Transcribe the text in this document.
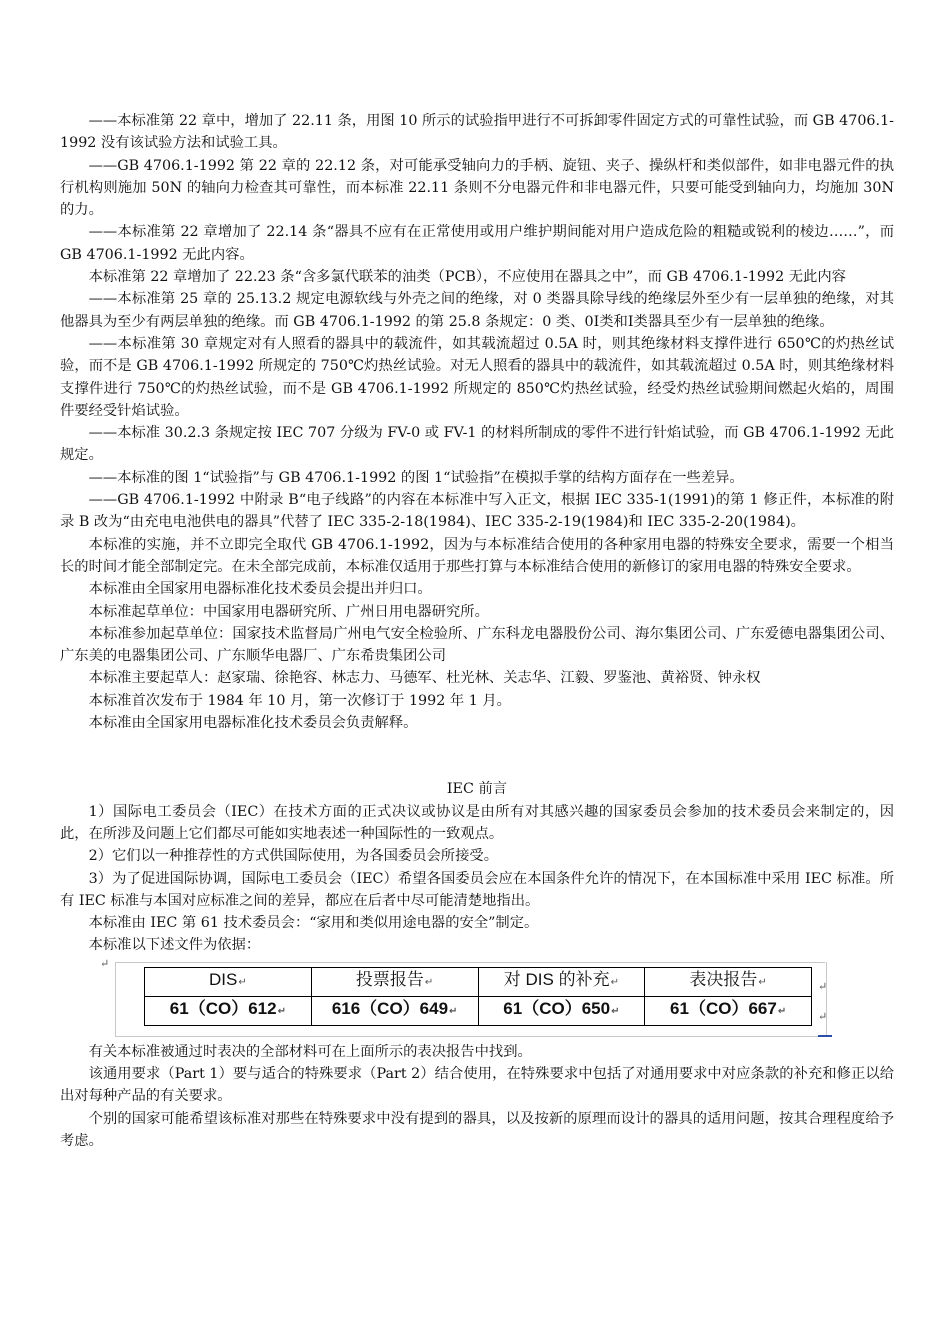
——本标准第 22 章中，增加了 22.11 条，用图 10 所示的试验指甲进行不可拆卸零件固定方式的可靠性试验，而 GB 4706.1-1992 没有该试验方法和试验工具。

——GB 4706.1-1992 第 22 章的 22.12 条，对可能承受轴向力的手柄、旋钮、夹子、操纵杆和类似部件，如非电器元件的执行机构则施加 50N 的轴向力检查其可靠性，而本标准 22.11 条则不分电器元件和非电器元件，只要可能受到轴向力，均施加 30N 的力。

——本标准第 22 章增加了 22.14 条“器具不应有在正常使用或用户维护期间能对用户造成危险的粗糙或锐利的棱边……”，而 GB 4706.1-1992 无此内容。

本标准第 22 章增加了 22.23 条“含多氯代联苯的油类（PCB），不应使用在器具之中”，而 GB 4706.1-1992 无此内容

——本标准第 25 章的 25.13.2 规定电源软线与外壳之间的绝缘，对 0 类器具除导线的绝缘层外至少有一层单独的绝缘，对其他器具为至少有两层单独的绝缘。而 GB 4706.1-1992 的第 25.8 条规定：0 类、0Ⅰ类和Ⅰ类器具至少有一层单独的绝缘。

——本标准第 30 章规定对有人照看的器具中的载流件，如其载流超过 0.5A 时，则其绝缘材料支撑件进行 650℃的灼热丝试验，而不是 GB 4706.1-1992 所规定的 750℃灼热丝试验。对无人照看的器具中的载流件，如其载流超过 0.5A 时，则其绝缘材料支撑件进行 750℃的灼热丝试验，而不是 GB 4706.1-1992 所规定的 850℃灼热丝试验，经受灼热丝试验期间燃起火焰的，周围件要经受针焰试验。

——本标准 30.2.3 条规定按 IEC 707 分级为 FV-0 或 FV-1 的材料所制成的零件不进行针焰试验，而 GB 4706.1-1992 无此规定。

——本标准的图 1“试验指”与 GB 4706.1-1992 的图 1“试验指”在模拟手掌的结构方面存在一些差异。

——GB 4706.1-1992 中附录 B“电子线路”的内容在本标准中写入正文，根据 IEC 335-1(1991)的第 1 修正件，本标准的附录 B 改为“由充电电池供电的器具”代替了 IEC 335-2-18(1984)、IEC 335-2-19(1984)和 IEC 335-2-20(1984)。

本标准的实施，并不立即完全取代 GB 4706.1-1992，因为与本标准结合使用的各种家用电器的特殊安全要求，需要一个相当长的时间才能全部制定完。在未全部完成前，本标准仅适用于那些打算与本标准结合使用的新修订的家用电器的特殊安全要求。

本标准由全国家用电器标准化技术委员会提出并归口。

本标准起草单位：中国家用电器研究所、广州日用电器研究所。

本标准参加起草单位：国家技术监督局广州电气安全检验所、广东科龙电器股份公司、海尔集团公司、广东爱德电器集团公司、广东美的电器集团公司、广东顺华电器厂、广东希贵集团公司

本标准主要起草人：赵家瑞、徐艳容、林志力、马德军、杜光林、关志华、江毅、罗鉴池、黄裕贤、钟永权

本标准首次发布于 1984 年 10 月，第一次修订于 1992 年 1 月。

本标准由全国家用电器标准化技术委员会负责解释。

IEC 前言

1）国际电工委员会（IEC）在技术方面的正式决议或协议是由所有对其感兴趣的国家委员会参加的技术委员会来制定的，因此，在所涉及问题上它们都尽可能如实地表述一种国际性的一致观点。

2）它们以一种推荐性的方式供国际使用，为各国委员会所接受。

3）为了促进国际协调，国际电工委员会（IEC）希望各国委员会应在本国条件允许的情况下，在本国标准中采用 IEC 标准。所有 IEC 标准与本国对应标准之间的差异，都应在后者中尽可能清楚地指出。

本标准由 IEC 第 61 技术委员会：“家用和类似用途电器的安全”制定。

本标准以下述文件为依据：

↵
DIS↵	投票报告↵	对 DIS 的补充↵	表决报告↵
61（CO）612↵	616（CO）649↵	61（CO）650↵	61（CO）667↵
↵
↵

有关本标准被通过时表决的全部材料可在上面所示的表决报告中找到。

该通用要求（Part 1）要与适合的特殊要求（Part 2）结合使用，在特殊要求中包括了对通用要求中对应条款的补充和修正以给出对每种产品的有关要求。

个别的国家可能希望该标准对那些在特殊要求中没有提到的器具，以及按新的原理而设计的器具的适用问题，按其合理程度给予考虑。
